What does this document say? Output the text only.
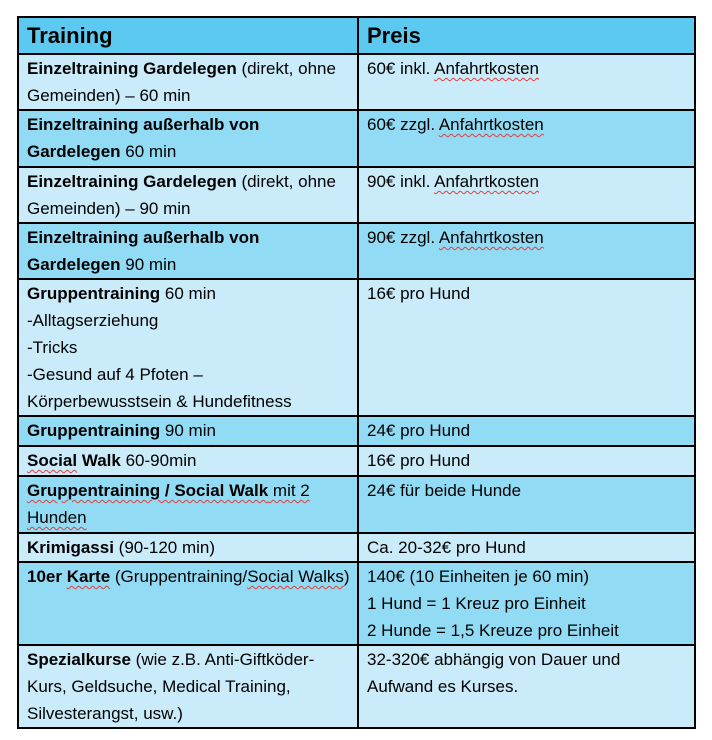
Training	Preis
Einzeltraining Gardelegen (direkt, ohne Gemeinden) – 60 min	60€ inkl. Anfahrtkosten
Einzeltraining außerhalb von Gardelegen 60 min	60€ zzgl. Anfahrtkosten
Einzeltraining Gardelegen (direkt, ohne Gemeinden) – 90 min	90€ inkl. Anfahrtkosten
Einzeltraining außerhalb von Gardelegen 90 min	90€ zzgl. Anfahrtkosten

Gruppentraining 60 min
-Alltagserziehung
-Tricks
-Gesund auf 4 Pfoten – Körperbewusstsein & Hundefitness	16€ pro Hund
Gruppentraining 90 min	24€ pro Hund
Social Walk 60-90min	16€ pro Hund
Gruppentraining / Social Walk mit 2 Hunden	24€ für beide Hunde
Krimigassi (90-120 min)	Ca. 20-32€ pro Hund
10er Karte (Gruppentraining/Social Walks)	140€ (10 Einheiten je 60 min)
1 Hund = 1 Kreuz pro Einheit
2 Hunde = 1,5 Kreuze pro Einheit

Spezialkurse (wie z.B. Anti-Giftköder-Kurs, Geldsuche, Medical Training, Silvesterangst, usw.)	32-320€ abhängig von Dauer und Aufwand es Kurses.
